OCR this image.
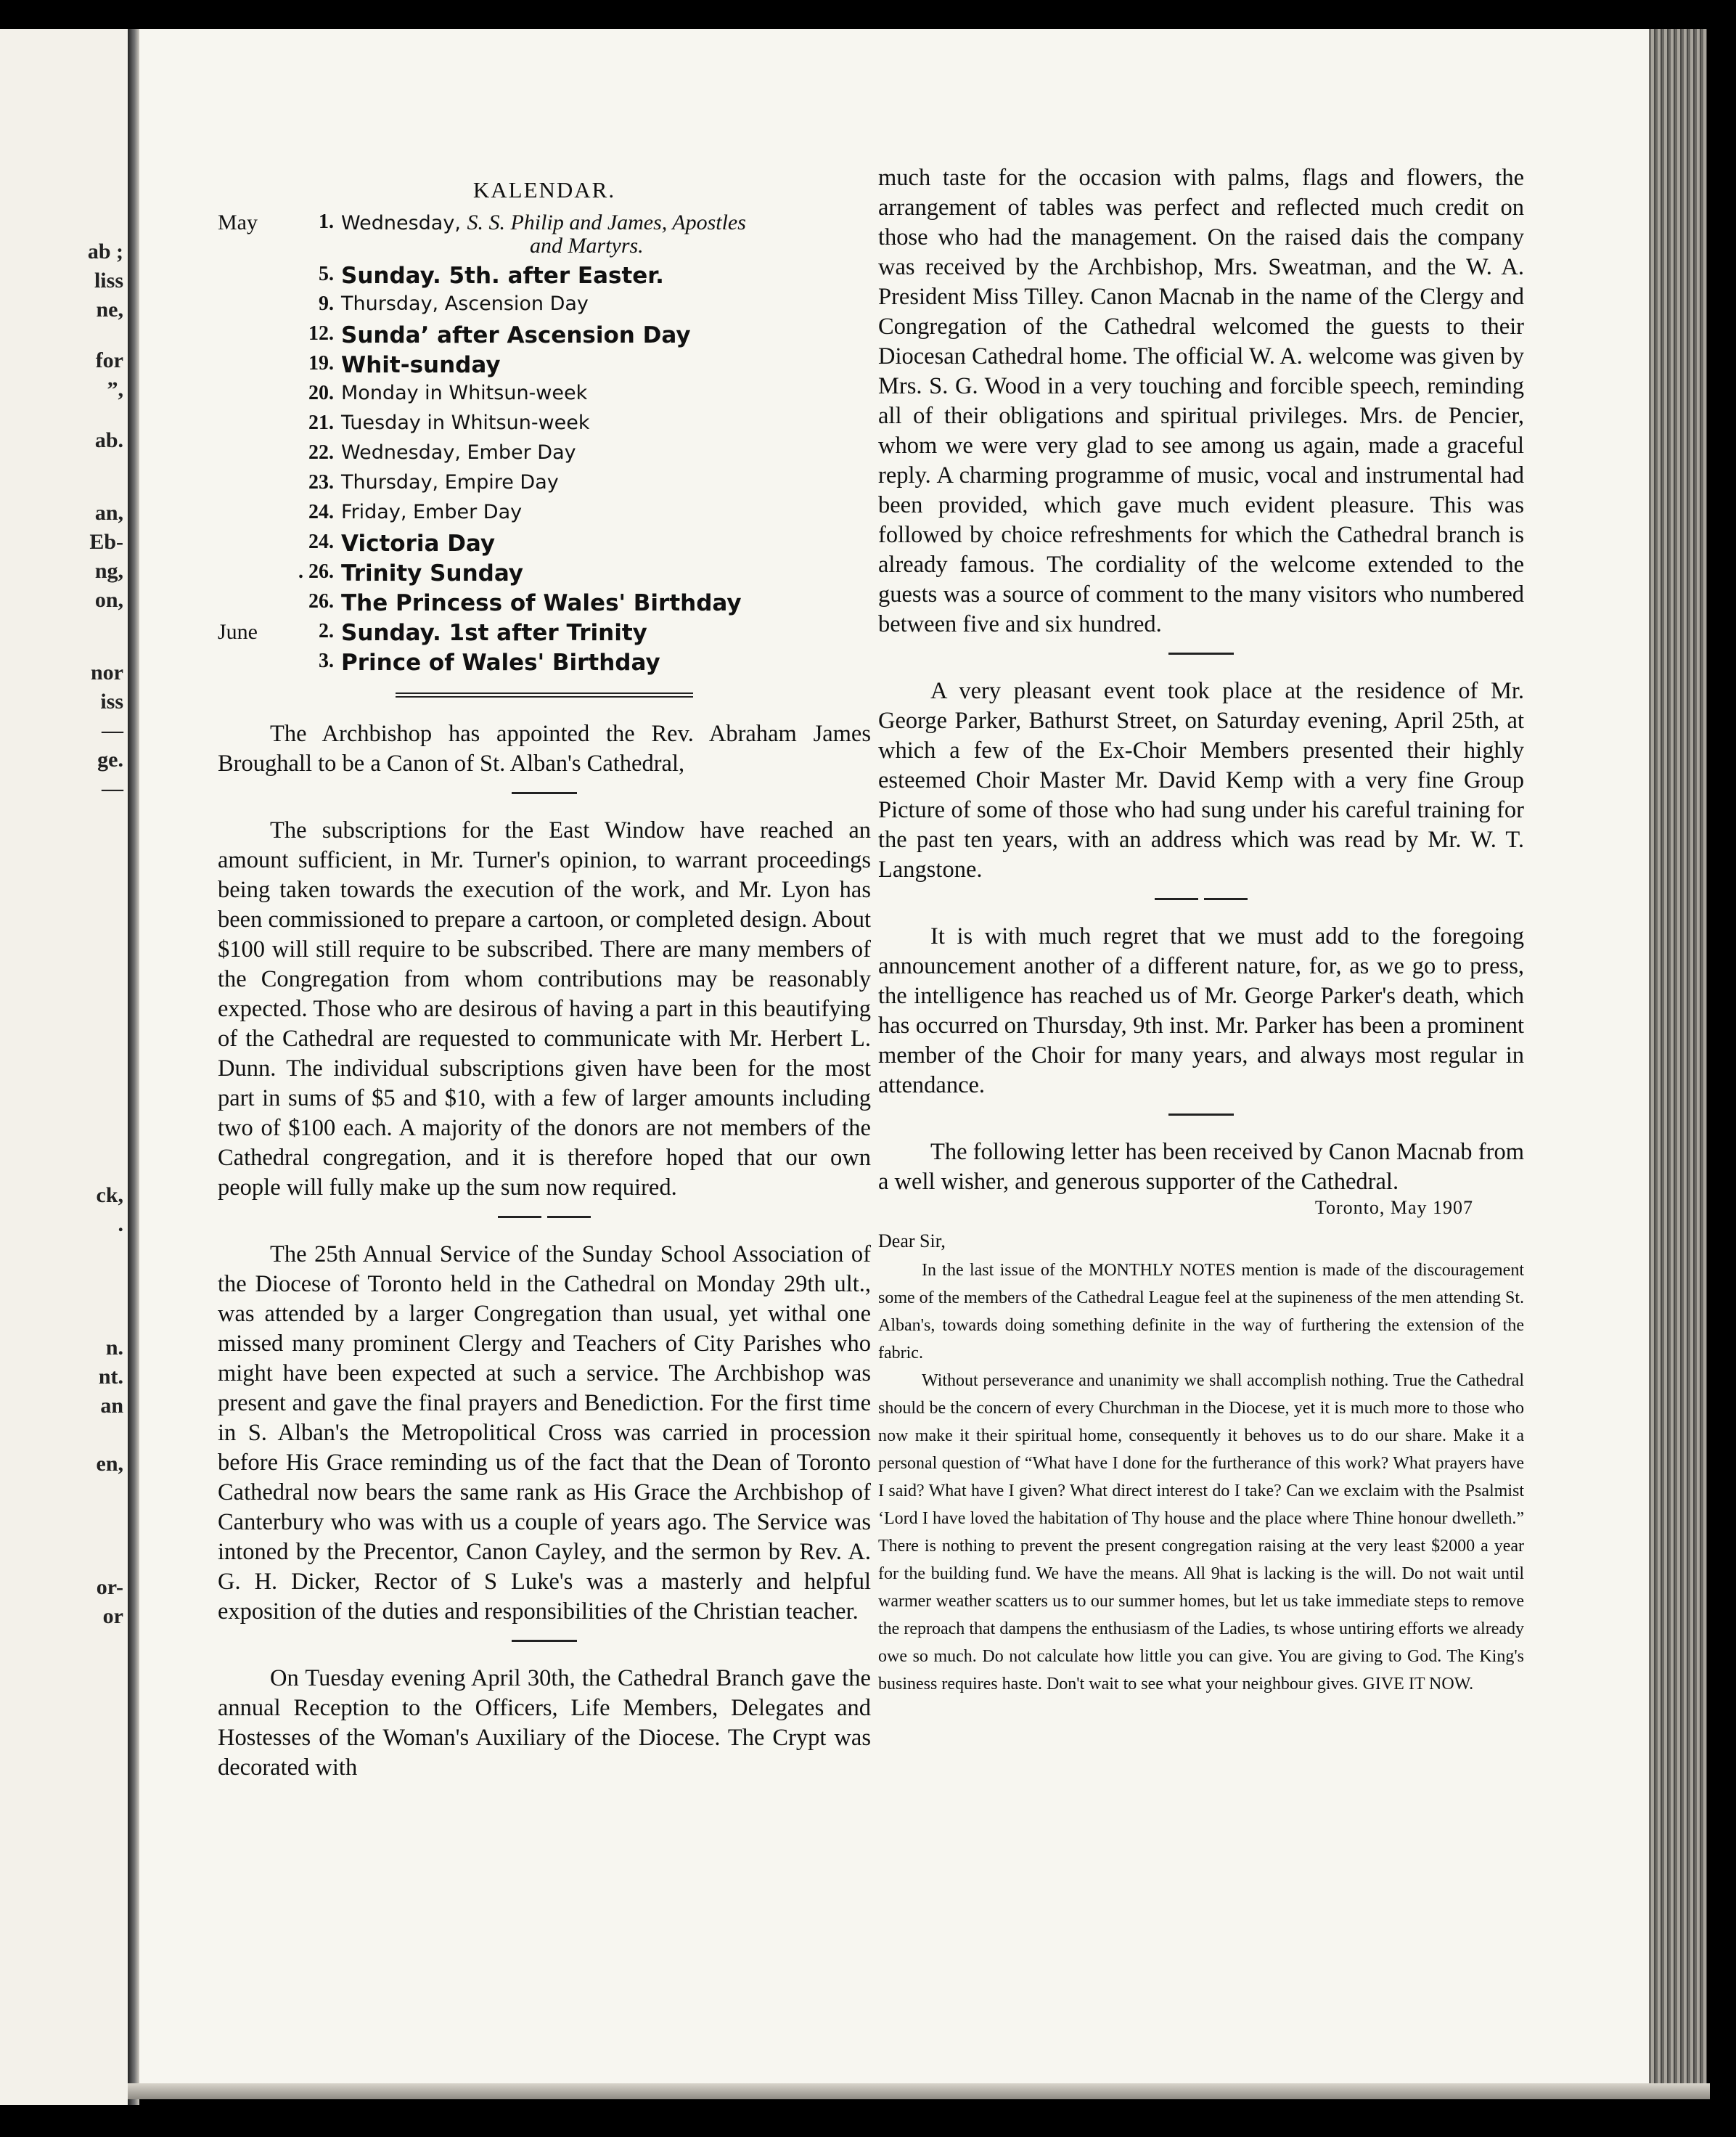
ab ;
liss
ne,
for
”,
ab.
an,
Eb-
ng,
on,
nor
iss
—
ge.
—
ck,
.
n.
nt.
an
en,
or-
or
KALENDAR.
May	1. Wednesday, S. S. Philip and James, Apostles
and Martyrs.
5. Sunday. 5th. after Easter.
9. Thursday, Ascension Day
12. Sunda’ after Ascension Day
19. Whit-sunday
20. Monday in Whitsun-week
21. Tuesday in Whitsun-week
22. Wednesday, Ember Day
23. Thursday, Empire Dаy
24. Friday, Ember Day
24. Victoria Day
. 26. Trinity Sunday
26. The Princess of Wales' Birthday
June	2. Sunday. 1st after Trinity
3. Prince of Wales' Birthday

The Archbishop has appointed the Rev. Abraham James Broughall to be a Canon of St. Alban's Cathedral,

The subscriptions for the East Window have reached an amount sufficient, in Mr. Turner's opinion, to warrant proceedings being taken towards the execution of the work, and Mr. Lyon has been commissioned to prepare a cartoon, or completed design. About $100 will still require to be subscribed. There are many members of the Congregation from whom contributions may be reasonably expected. Those who are desirous of having a part in this beautifying of the Cathedral are requested to communicate with Mr. Herbert L. Dunn. The individual subscriptions given have been for the most part in sums of $5 and $10, with a few of larger amounts including two of $100 each. A majority of the donors are not members of the Cathedral congregation, and it is therefore hoped that our own people will fully make up the sum now required.

The 25th Annual Service of the Sunday School Association of the Diocese of Toronto held in the Cathedral on Monday 29th ult., was attended by a larger Congregation than usual, yet withal one missed many prominent Clergy and Teachers of City Parishes who might have been expected at such a service. The Archbishop was present and gave the final prayers and Benediction. For the first time in S. Alban's the Metropolitical Cross was carried in procession before His Grace reminding us of the fact that the Dean of Toronto Cathedral now bears the same rank as His Grace the Archbishop of Canterbury who was with us a couple of years ago. The Service was intoned by the Precentor, Canon Cayley, and the sermon by Rev. A. G. H. Dicker, Rector of S Luke's was a masterly and helpful exposition of the duties and responsibilities of the Christian teacher.

On Tuesday evening April 30th, the Cathedral Branch gave the annual Reception to the Officers, Life Members, Delegates and Hostesses of the Woman's Auxiliary of the Diocese. The Crypt was decorated with

much taste for the occasion with palms, flags and flowers, the arrangement of tables was perfect and reflected much credit on those who had the management. On the raised dais the company was received by the Archbishop, Mrs. Sweatman, and the W. A. President Miss Tilley. Canon Macnab in the name of the Clergy and Congregation of the Cathedral welcomed the guests to their Diocesan Cathedral home. The official W. A. welcome was given by Mrs. S. G. Wood in a very touching and forcible speech, reminding all of their obligations and spiritual privileges. Mrs. de Pencier, whom we were very glad to see among us again, made a graceful reply. A charming programme of music, vocal and instrumental had been provided, which gave much evident pleasure. This was followed by choice refreshments for which the Cathedral branch is already famous. The cordiality of the welcome extended to the guests was a source of comment to the many visitors who numbered between five and six hundred.

A very pleasant event took place at the residence of Mr. George Parker, Bathurst Street, on Saturday evening, April 25th, at which a few of the Ex-Choir Members presented their highly esteemed Choir Master Mr. David Kemp with a very fine Group Picture of some of those who had sung under his careful training for the past ten years, with an address which was read by Mr. W. T. Langstone.

It is with much regret that we must add to the foregoing announcement another of a different nature, for, as we go to press, the intelligence has reached us of Mr. George Parker's death, which has occurred on Thursday, 9th inst. Mr. Parker has been a prominent member of the Choir for many years, and always most regular in attendance.

The following letter has been received by Canon Macnab from a well wisher, and generous supporter of the Cathedral.

Toronto, May 1907

Dear Sir,

In the last issue of the MONTHLY NOTES mention is made of the discouragement some of the members of the Cathedral League feel at the supineness of the men attending St. Alban's, towards doing something definite in the way of furthering the extension of the fabric.

Without perseverance and unanimity we shall accomplish nothing. True the Cathedral should be the concern of every Churchman in the Diocese, yet it is much more to those who now make it their spiritual home, consequently it behoves us to do our share. Make it a personal question of “What have I done for the furtherance of this work? What prayers have I said? What have I given? What direct interest do I take? Can we exclaim with the Psalmist ‘Lord I have loved the habitation of Thy house and the place where Thine honour dwelleth.” There is nothing to prevent the present congregation raising at the very least $2000 a year for the building fund. We have the means. All 9hat is lacking is the will. Do not wait until warmer weather scatters us to our summer homes, but let us take immediate steps to remove the reproach that dampens the enthusiasm of the Ladies, ts whose untiring efforts we already owe so much. Do not calculate how little you can give. You are giving to God. The King's business requires haste. Don't wait to see what your neighbour gives. GIVE IT NOW.
